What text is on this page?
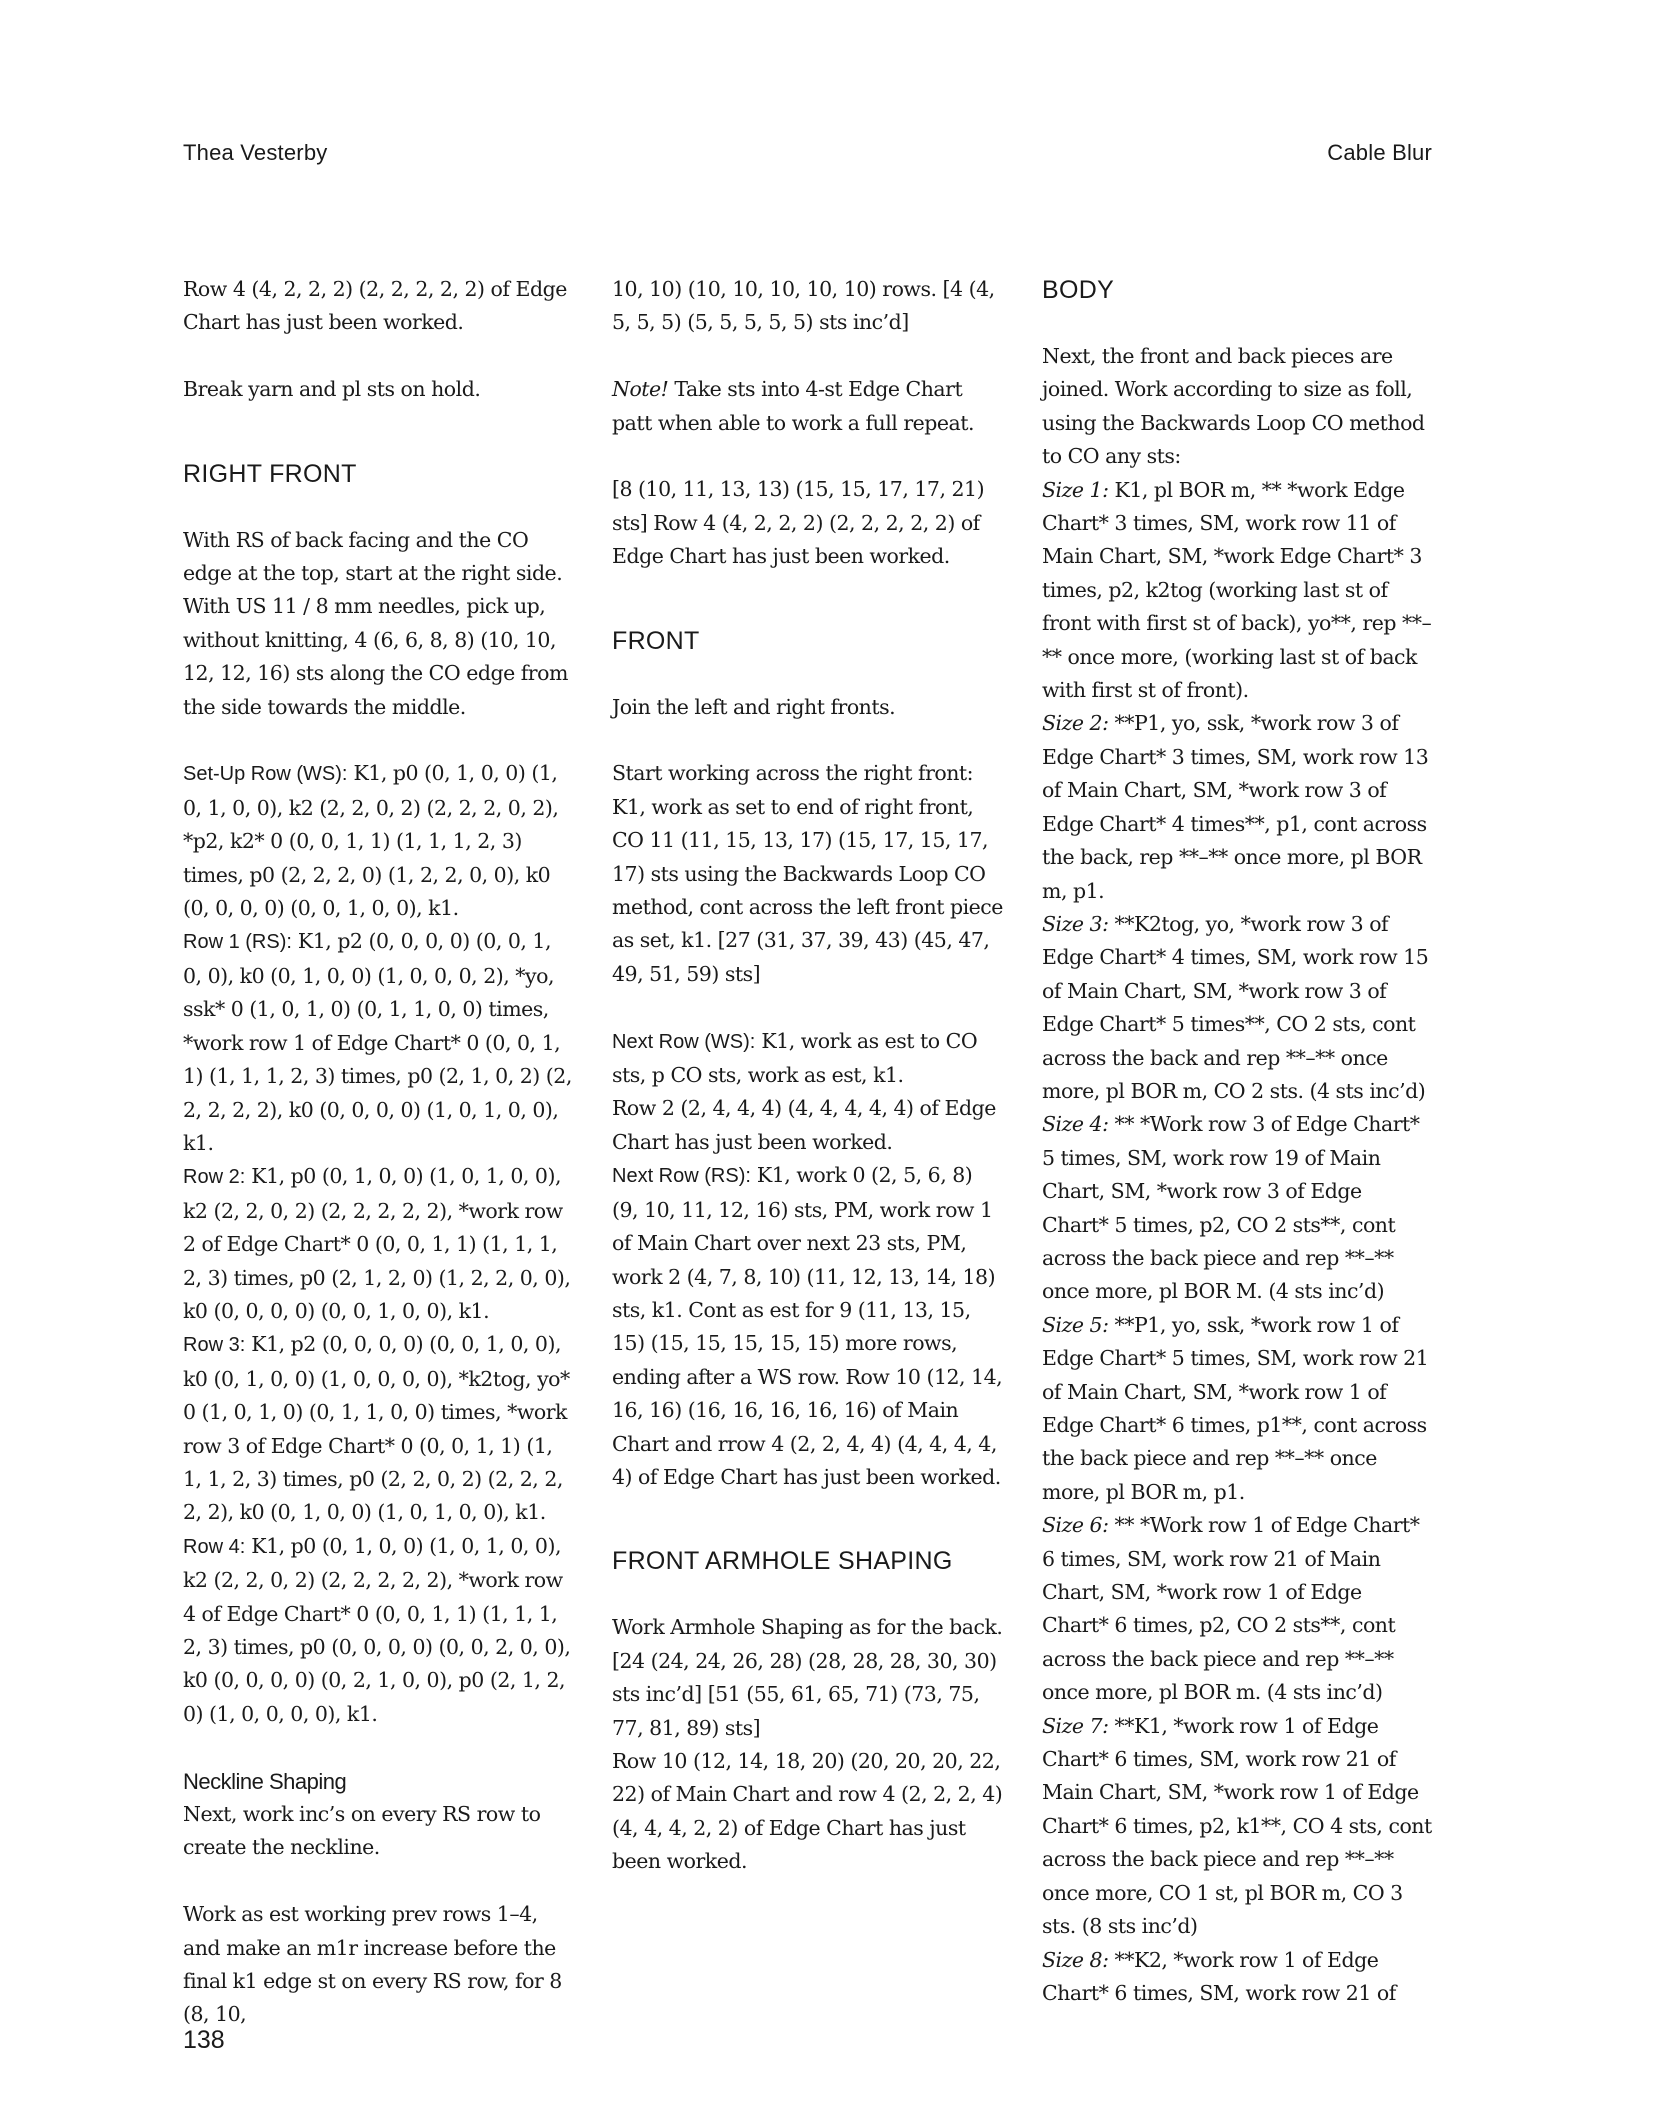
Thea Vesterby	Cable Blur

Row 4 (4, 2, 2, 2) (2, 2, 2, 2, 2) of Edge Chart has just been worked.

Break yarn and pl sts on hold.

RIGHT FRONT

With RS of back facing and the CO edge at the top, start at the right side. With US 11 / 8 mm needles, pick up, without knitting, 4 (6, 6, 8, 8) (10, 10, 12, 12, 16) sts along the CO edge from the side towards the middle.

Set-Up Row (WS): K1, p0 (0, 1, 0, 0) (1, 0, 1, 0, 0), k2 (2, 2, 0, 2) (2, 2, 2, 0, 2), *p2, k2* 0 (0, 0, 1, 1) (1, 1, 1, 2, 3) times, p0 (2, 2, 2, 0) (1, 2, 2, 0, 0), k0 (0, 0, 0, 0) (0, 0, 1, 0, 0), k1.

Row 1 (RS): K1, p2 (0, 0, 0, 0) (0, 0, 1, 0, 0), k0 (0, 1, 0, 0) (1, 0, 0, 0, 2), *yo, ssk* 0 (1, 0, 1, 0) (0, 1, 1, 0, 0) times, *work row 1 of Edge Chart* 0 (0, 0, 1, 1) (1, 1, 1, 2, 3) times, p0 (2, 1, 0, 2) (2, 2, 2, 2, 2), k0 (0, 0, 0, 0) (1, 0, 1, 0, 0), k1.

Row 2: K1, p0 (0, 1, 0, 0) (1, 0, 1, 0, 0), k2 (2, 2, 0, 2) (2, 2, 2, 2, 2), *work row 2 of Edge Chart* 0 (0, 0, 1, 1) (1, 1, 1, 2, 3) times, p0 (2, 1, 2, 0) (1, 2, 2, 0, 0), k0 (0, 0, 0, 0) (0, 0, 1, 0, 0), k1.

Row 3: K1, p2 (0, 0, 0, 0) (0, 0, 1, 0, 0), k0 (0, 1, 0, 0) (1, 0, 0, 0, 0), *k2tog, yo* 0 (1, 0, 1, 0) (0, 1, 1, 0, 0) times, *work row 3 of Edge Chart* 0 (0, 0, 1, 1) (1, 1, 1, 2, 3) times, p0 (2, 2, 0, 2) (2, 2, 2, 2, 2), k0 (0, 1, 0, 0) (1, 0, 1, 0, 0), k1.

Row 4: K1, p0 (0, 1, 0, 0) (1, 0, 1, 0, 0), k2 (2, 2, 0, 2) (2, 2, 2, 2, 2), *work row 4 of Edge Chart* 0 (0, 0, 1, 1) (1, 1, 1, 2, 3) times, p0 (0, 0, 0, 0) (0, 0, 2, 0, 0), k0 (0, 0, 0, 0) (0, 2, 1, 0, 0), p0 (2, 1, 2, 0) (1, 0, 0, 0, 0), k1.

Neckline Shaping

Next, work inc’s on every RS row to create the neckline.

Work as est working prev rows 1–4, and make an m1r increase before the final k1 edge st on every RS row, for 8 (8, 10,

10, 10) (10, 10, 10, 10, 10) rows. [4 (4, 5, 5, 5) (5, 5, 5, 5, 5) sts inc’d]

Note! Take sts into 4-st Edge Chart patt when able to work a full repeat.

[8 (10, 11, 13, 13) (15, 15, 17, 17, 21) sts] Row 4 (4, 2, 2, 2) (2, 2, 2, 2, 2) of Edge Chart has just been worked.

FRONT

Join the left and right fronts.

Start working across the right front: K1, work as set to end of right front, CO 11 (11, 15, 13, 17) (15, 17, 15, 17, 17) sts using the Backwards Loop CO method, cont across the left front piece as set, k1. [27 (31, 37, 39, 43) (45, 47, 49, 51, 59) sts]

Next Row (WS): K1, work as est to CO sts, p CO sts, work as est, k1.

Row 2 (2, 4, 4, 4) (4, 4, 4, 4, 4) of Edge Chart has just been worked.

Next Row (RS): K1, work 0 (2, 5, 6, 8) (9, 10, 11, 12, 16) sts, PM, work row 1 of Main Chart over next 23 sts, PM, work 2 (4, 7, 8, 10) (11, 12, 13, 14, 18) sts, k1. Cont as est for 9 (11, 13, 15, 15) (15, 15, 15, 15, 15) more rows, ending after a WS row. Row 10 (12, 14, 16, 16) (16, 16, 16, 16, 16) of Main Chart and rrow 4 (2, 2, 4, 4) (4, 4, 4, 4, 4) of Edge Chart has just been worked.

FRONT ARMHOLE SHAPING

Work Armhole Shaping as for the back. [24 (24, 24, 26, 28) (28, 28, 28, 30, 30) sts inc’d] [51 (55, 61, 65, 71) (73, 75, 77, 81, 89) sts]

Row 10 (12, 14, 18, 20) (20, 20, 20, 22, 22) of Main Chart and row 4 (2, 2, 2, 4) (4, 4, 4, 2, 2) of Edge Chart has just been worked.

BODY

Next, the front and back pieces are joined. Work according to size as foll, using the Backwards Loop CO method to CO any sts:

Size 1: K1, pl BOR m, ** *work Edge Chart* 3 times, SM, work row 11 of Main Chart, SM, *work Edge Chart* 3 times, p2, k2tog (working last st of front with first st of back), yo**, rep **–** once more, (working last st of back with first st of front).

Size 2: **P1, yo, ssk, *work row 3 of Edge Chart* 3 times, SM, work row 13 of Main Chart, SM, *work row 3 of Edge Chart* 4 times**, p1, cont across the back, rep **–** once more, pl BOR m, p1.

Size 3: **K2tog, yo, *work row 3 of Edge Chart* 4 times, SM, work row 15 of Main Chart, SM, *work row 3 of Edge Chart* 5 times**, CO 2 sts, cont across the back and rep **–** once more, pl BOR m, CO 2 sts. (4 sts inc’d)

Size 4: ** *Work row 3 of Edge Chart* 5 times, SM, work row 19 of Main Chart, SM, *work row 3 of Edge Chart* 5 times, p2, CO 2 sts**, cont across the back piece and rep **–** once more, pl BOR M. (4 sts inc’d)

Size 5: **P1, yo, ssk, *work row 1 of Edge Chart* 5 times, SM, work row 21 of Main Chart, SM, *work row 1 of Edge Chart* 6 times, p1**, cont across the back piece and rep **–** once more, pl BOR m, p1.

Size 6: ** *Work row 1 of Edge Chart* 6 times, SM, work row 21 of Main Chart, SM, *work row 1 of Edge Chart* 6 times, p2, CO 2 sts**, cont across the back piece and rep **–** once more, pl BOR m. (4 sts inc’d)

Size 7: **K1, *work row 1 of Edge Chart* 6 times, SM, work row 21 of Main Chart, SM, *work row 1 of Edge Chart* 6 times, p2, k1**, CO 4 sts, cont across the back piece and rep **–** once more, CO 1 st, pl BOR m, CO 3 sts. (8 sts inc’d)

Size 8: **K2, *work row 1 of Edge Chart* 6 times, SM, work row 21 of

138
